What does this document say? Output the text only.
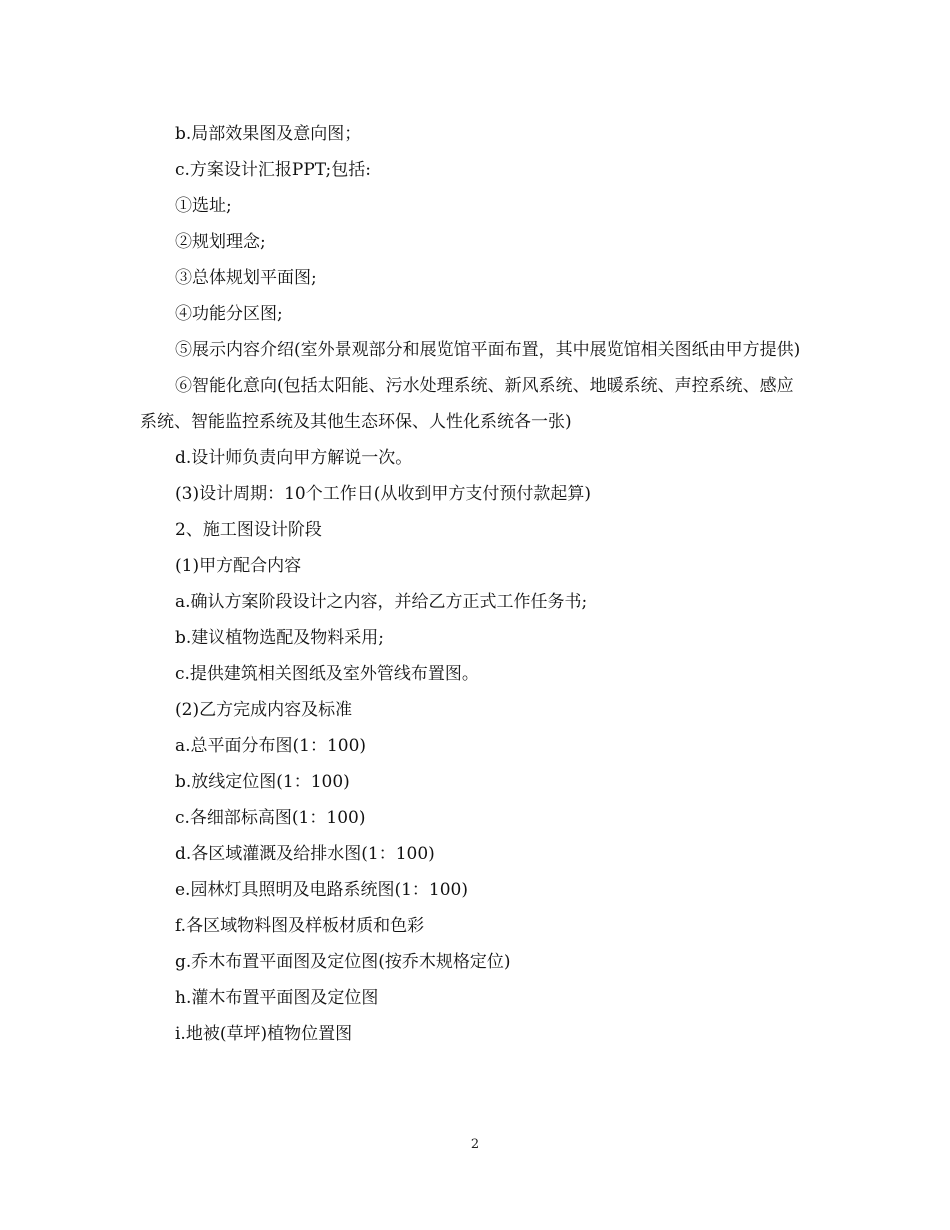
b.局部效果图及意向图；

c.方案设计汇报PPT;包括:

①选址;

②规划理念;

③总体规划平面图;

④功能分区图;

⑤展示内容介绍(室外景观部分和展览馆平面布置，其中展览馆相关图纸由甲方提供)

⑥智能化意向(包括太阳能、污水处理系统、新风系统、地暖系统、声控系统、感应系统、智能监控系统及其他生态环保、人性化系统各一张)

d.设计师负责向甲方解说一次。

(3)设计周期：10个工作日(从收到甲方支付预付款起算)

2、施工图设计阶段

(1)甲方配合内容

a.确认方案阶段设计之内容，并给乙方正式工作任务书;

b.建议植物选配及物料采用;

c.提供建筑相关图纸及室外管线布置图。

(2)乙方完成内容及标准

a.总平面分布图(1：100)

b.放线定位图(1：100)

c.各细部标高图(1：100)

d.各区域灌溉及给排水图(1：100)

e.园林灯具照明及电路系统图(1：100)

f.各区域物料图及样板材质和色彩

g.乔木布置平面图及定位图(按乔木规格定位)

h.灌木布置平面图及定位图

i.地被(草坪)植物位置图

2
